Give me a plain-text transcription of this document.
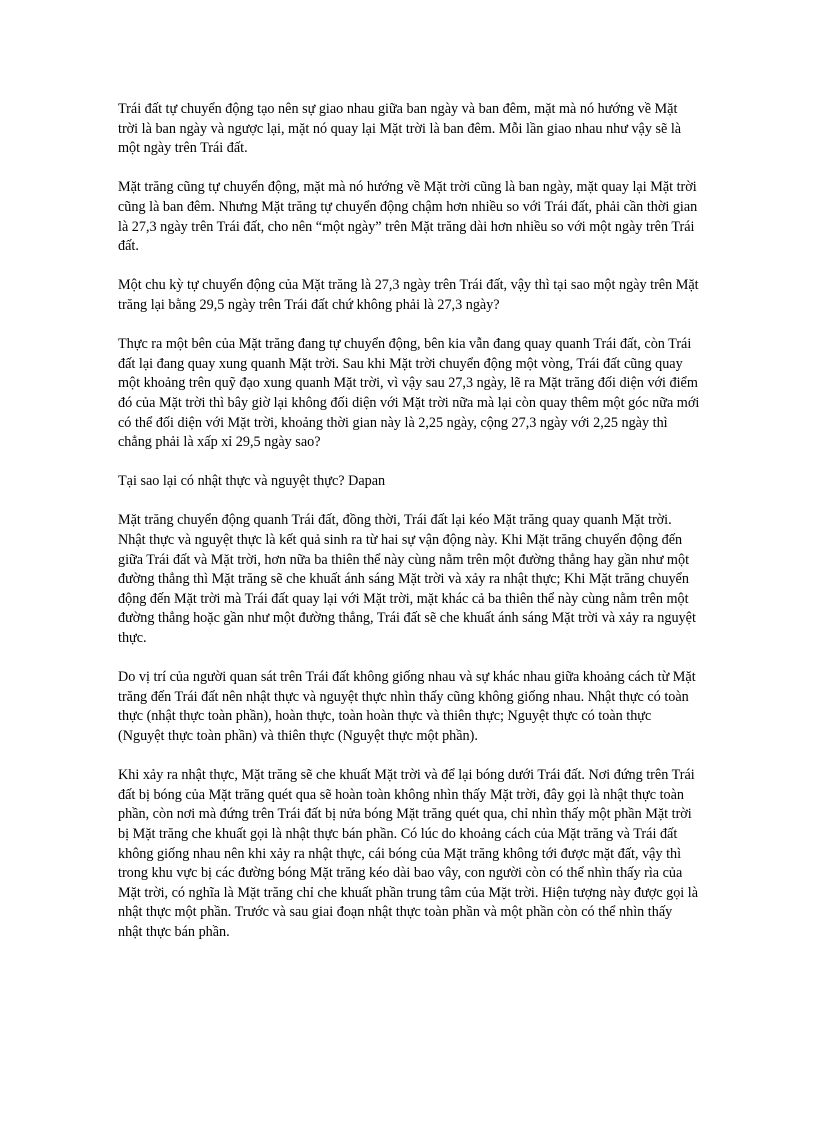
Trái đất tự chuyển động tạo nên sự giao nhau giữa ban ngày và ban đêm, mặt mà nó hướng về Mặt trời là ban ngày và ngược lại, mặt nó quay lại Mặt trời là ban đêm. Mỗi lần giao nhau như vậy sẽ là một ngày trên Trái đất.

Mặt trăng cũng tự chuyển động, mặt mà nó hướng về Mặt trời cũng là ban ngày, mặt quay lại Mặt trời cũng là ban đêm. Nhưng Mặt trăng tự chuyển động chậm hơn nhiều so với Trái đất, phải cần thời gian là 27,3 ngày trên Trái đất, cho nên “một ngày” trên Mặt trăng dài hơn nhiều so với một ngày trên Trái đất.

Một chu kỳ tự chuyển động của Mặt trăng là 27,3 ngày trên Trái đất, vậy thì tại sao một ngày trên Mặt trăng lại bằng 29,5 ngày trên Trái đất chứ không phải là 27,3 ngày?

Thực ra một bên của Mặt trăng đang tự chuyển động, bên kia vẫn đang quay quanh Trái đất, còn Trái đất lại đang quay xung quanh Mặt trời. Sau khi Mặt trời chuyển động một vòng, Trái đất cũng quay một khoảng trên quỹ đạo xung quanh Mặt trời, vì vậy sau 27,3 ngày, lẽ ra Mặt trăng đối diện với điểm đó của Mặt trời thì bây giờ lại không đối diện với Mặt trời nữa mà lại còn quay thêm một góc nữa mới có thể đối diện với Mặt trời, khoảng thời gian này là 2,25 ngày, cộng 27,3 ngày với 2,25 ngày thì chẳng phải là xấp xỉ 29,5 ngày sao?

Tại sao lại có nhật thực và nguyệt thực? Dapan

Mặt trăng chuyển động quanh Trái đất, đồng thời, Trái đất lại kéo Mặt trăng quay quanh Mặt trời. Nhật thực và nguyệt thực là kết quả sinh ra từ hai sự vận động này. Khi Mặt trăng chuyển động đến giữa Trái đất và Mặt trời, hơn nữa ba thiên thể này cùng nằm trên một đường thẳng hay gần như một đường thẳng thì Mặt trăng sẽ che khuất ánh sáng Mặt trời và xảy ra nhật thực; Khi Mặt trăng chuyển động đến Mặt trời mà Trái đất quay lại với Mặt trời, mặt khác cả ba thiên thể này cùng nằm trên một đường thẳng hoặc gần như một đường thẳng, Trái đất sẽ che khuất ánh sáng Mặt trời và xảy ra nguyệt thực.

Do vị trí của người quan sát trên Trái đất không giống nhau và sự khác nhau giữa khoảng cách từ Mặt trăng đến Trái đất nên nhật thực và nguyệt thực nhìn thấy cũng không giống nhau. Nhật thực có toàn thực (nhật thực toàn phần), hoàn thực, toàn hoàn thực và thiên thực; Nguyệt thực có toàn thực (Nguyệt thực toàn phần) và thiên thực (Nguyệt thực một phần).

Khi xảy ra nhật thực, Mặt trăng sẽ che khuất Mặt trời và để lại bóng dưới Trái đất. Nơi đứng trên Trái đất bị bóng của Mặt trăng quét qua sẽ hoàn toàn không nhìn thấy Mặt trời, đây gọi là nhật thực toàn phần, còn nơi mà đứng trên Trái đất bị nửa bóng Mặt trăng quét qua, chỉ nhìn thấy một phần Mặt trời bị Mặt trăng che khuất gọi là nhật thực bán phần. Có lúc do khoảng cách của Mặt trăng và Trái đất không giống nhau nên khi xảy ra nhật thực, cái bóng của Mặt trăng không tới được mặt đất, vậy thì trong khu vực bị các đường bóng Mặt trăng kéo dài bao vây, con người còn có thể nhìn thấy rìa của Mặt trời, có nghĩa là Mặt trăng chỉ che khuất phần trung tâm của Mặt trời. Hiện tượng này được gọi là nhật thực một phần. Trước và sau giai đoạn nhật thực toàn phần và một phần còn có thể nhìn thấy nhật thực bán phần.
